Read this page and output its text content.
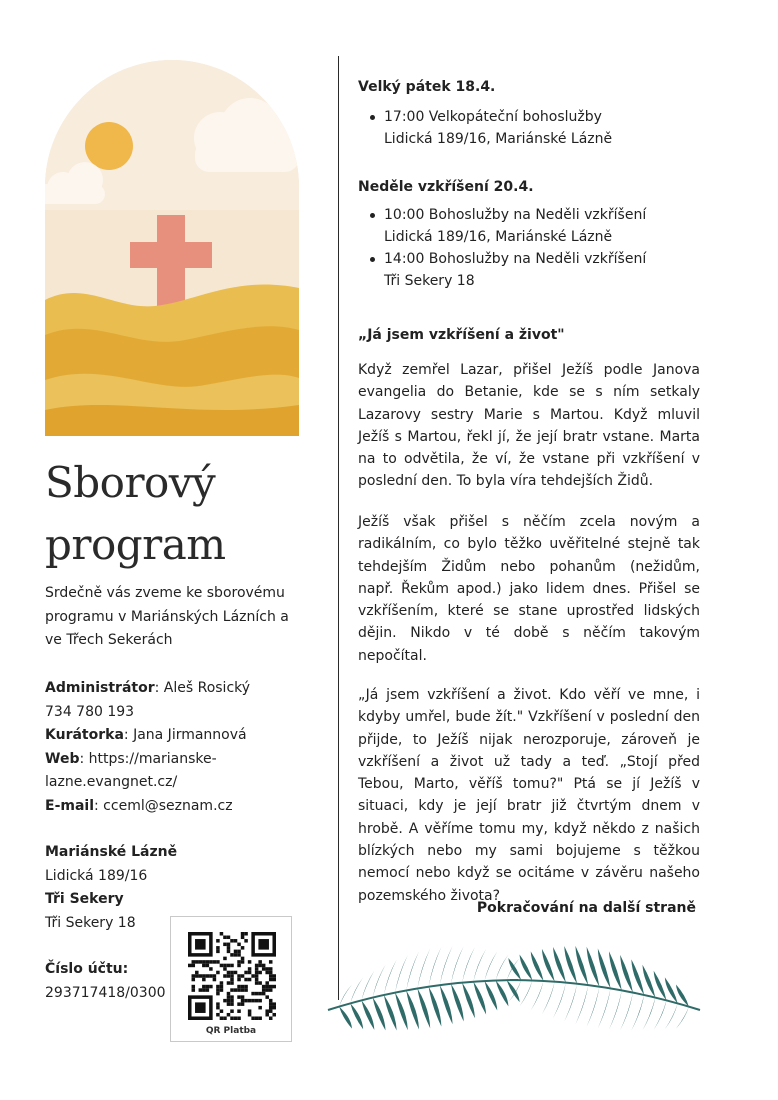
Sborový
program
Srdečně vás zveme ke sborovému programu v Mariánských Lázních a ve Třech Sekerách
Administrátor: Aleš Rosický
734 780 193
Kurátorka: Jana Jirmannová
Web: https://marianske-lazne.evangnet.cz/
E-mail: cceml@seznam.cz
Mariánské Lázně
Lidická 189/16
Tři Sekery
Tři Sekery 18
Číslo účtu:
293717418/0300
QR Platba

Velký pátek 18.4.

17:00 Velkopáteční bohoslužby
Lidická 189/16, Mariánské Lázně

Neděle vzkříšení 20.4.

10:00 Bohoslužby na Neděli vzkříšení
Lidická 189/16, Mariánské Lázně
14:00 Bohoslužby na Neděli vzkříšení
Tři Sekery 18
„Já jsem vzkříšení a život"

Když zemřel Lazar, přišel Ježíš podle Janova evangelia do Betanie, kde se s ním setkaly Lazarovy sestry Marie s Martou. Když mluvil Ježíš s Martou, řekl jí, že její bratr vstane. Marta na to odvětila, že ví, že vstane při vzkříšení v poslední den. To byla víra tehdejších Židů.

Ježíš však přišel s něčím zcela novým a radikálním, co bylo těžko uvěřitelné stejně tak tehdejším Židům nebo pohanům (nežidům, např. Řekům apod.) jako lidem dnes. Přišel se vzkříšením, které se stane uprostřed lidských dějin. Nikdo v té době s něčím takovým nepočítal.

„Já jsem vzkříšení a život. Kdo věří ve mne, i kdyby umřel, bude žít." Vzkříšení v poslední den přijde, to Ježíš nijak nerozporuje, zároveň je vzkříšení a život už tady a teď. „Stojí před Tebou, Marto, věříš tomu?" Ptá se jí Ježíš v situaci, kdy je její bratr již čtvrtým dnem v hrobě. A věříme tomu my, když někdo z našich blízkých nebo my sami bojujeme s těžkou nemocí nebo když se ocitáme v závěru našeho pozemského života?

Pokračování na další straně
